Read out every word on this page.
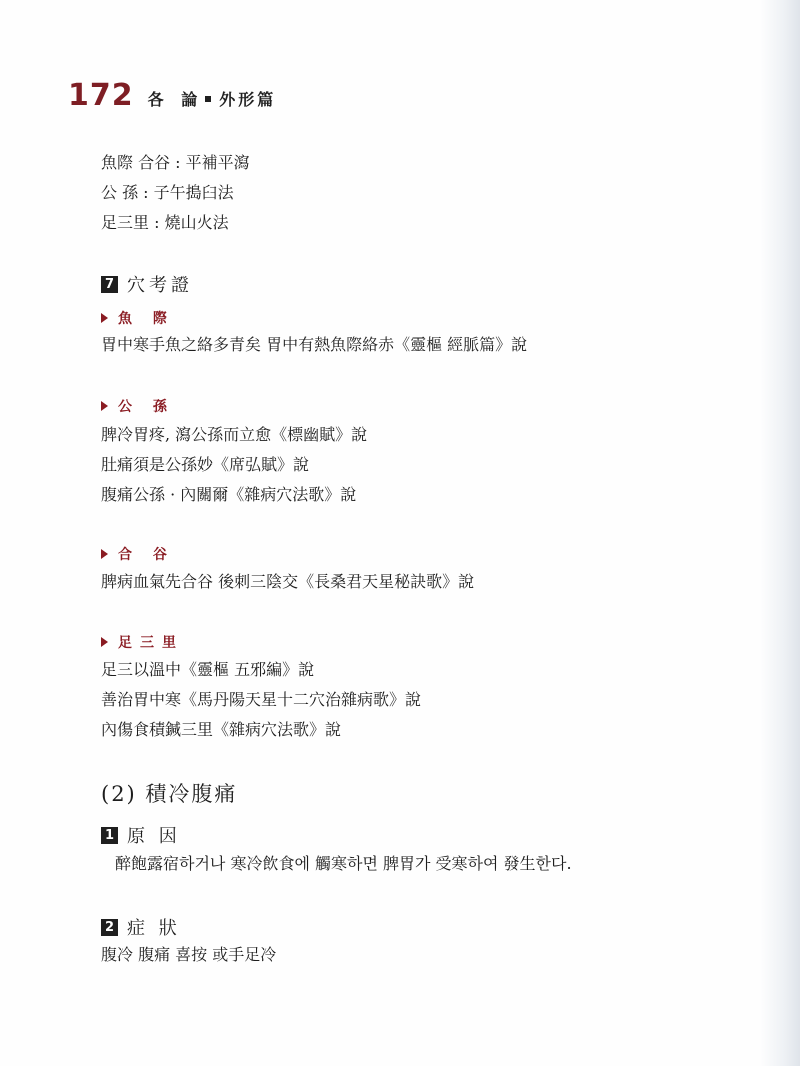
172 各 論 外形篇
魚際 合谷 : 平補平瀉
公 孫 : 子午搗臼法
足三里 : 燒山火法
7 穴考證
魚 際
胃中寒手魚之絡多青矣 胃中有熱魚際絡赤《靈樞 經脈篇》說
公 孫
脾冷胃疼, 瀉公孫而立愈《標幽賦》說
肚痛須是公孫妙《席弘賦》說
腹痛公孫 · 內關爾《雜病穴法歌》說
合 谷
脾病血氣先合谷 後刺三陰交《長桑君天星秘訣歌》說
足三里
足三以溫中《靈樞 五邪編》說
善治胃中寒《馬丹陽天星十二穴治雜病歌》說
內傷食積鍼三里《雜病穴法歌》說
(2) 積冷腹痛
1 原 因
醉飽露宿하거나 寒冷飲食에 觸寒하면 脾胃가 受寒하여 發生한다.
2 症 狀
腹冷 腹痛 喜按 或手足冷
